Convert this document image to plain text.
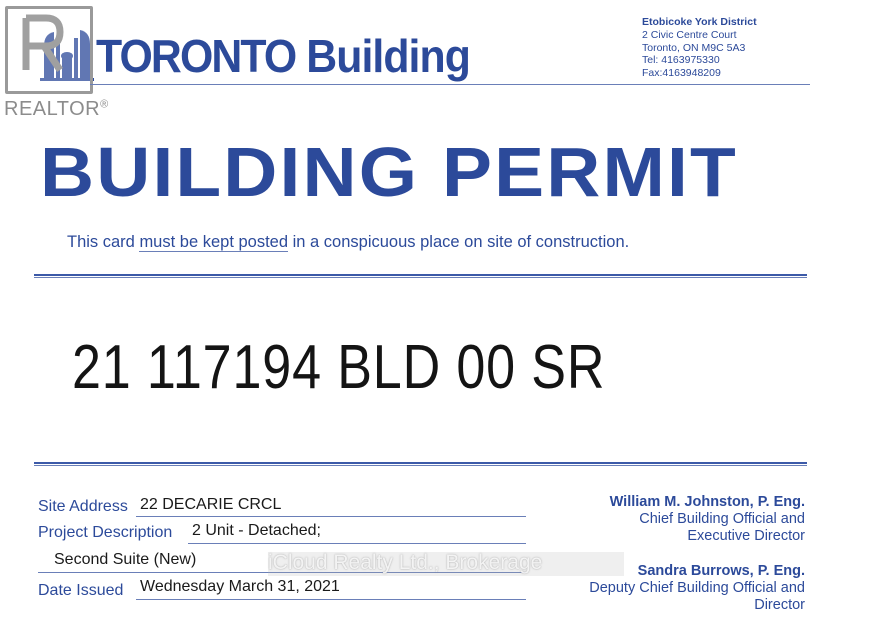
TORONTO Building
REALTOR®
Etobicoke York District
2 Civic Centre Court
Toronto, ON M9C 5A3
Tel: 4163975330
Fax:4163948209
BUILDING PERMIT
This card must be kept posted in a conspicuous place on site of construction.
21 117194 BLD 00 SR
Site Address 22 DECARIE CRCL
Project Description 2 Unit - Detached;
Second Suite (New)
Date Issued Wednesday March 31, 2021
William M. Johnston, P. Eng.
Chief Building Official and
Executive Director
Sandra Burrows, P. Eng.
Deputy Chief Building Official and
Director
iCloud Realty Ltd., Brokerage
